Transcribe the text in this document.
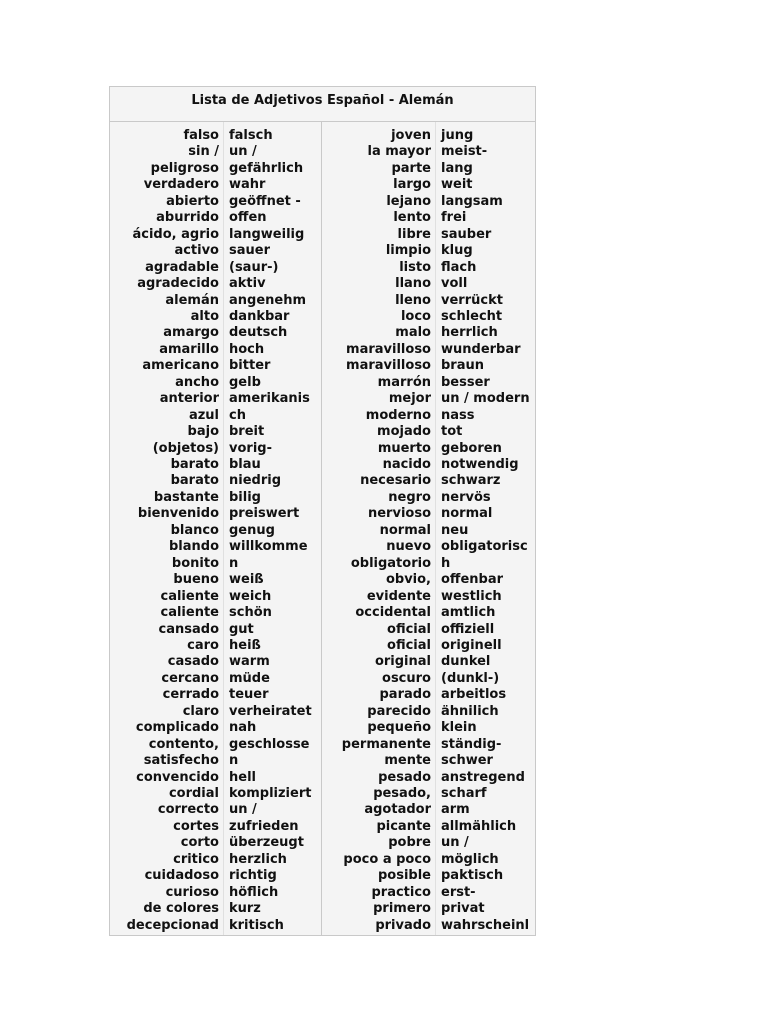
Lista de Adjetivos Español - Alemán
falso
sin /
peligroso
verdadero
abierto
aburrido
ácido, agrio
activo
agradable
agradecido
alemán
alto
amargo
amarillo
americano
ancho
anterior
azul
bajo
(objetos)
barato
barato
bastante
bienvenido
blanco
blando
bonito
bueno
caliente
caliente
cansado
caro
casado
cercano
cerrado
claro
complicado
contento,
satisfecho
convencido
cordial
correcto
cortes
corto
critico
cuidadoso
curioso
de colores
decepcionad
falsch
un /
gefährlich
wahr
geöffnet -
offen
langweilig
sauer
(saur-)
aktiv
angenehm
dankbar
deutsch
hoch
bitter
gelb
amerikanis
ch
breit
vorig-
blau
niedrig
bilig
preiswert
genug
willkomme
n
weiß
weich
schön
gut
heiß
warm
müde
teuer
verheiratet
nah
geschlosse
n
hell
kompliziert
un /
zufrieden
überzeugt
herzlich
richtig
höflich
kurz
kritisch
joven
la mayor
parte
largo
lejano
lento
libre
limpio
listo
llano
lleno
loco
malo
maravilloso
maravilloso
marrón
mejor
moderno
mojado
muerto
nacido
necesario
negro
nervioso
normal
nuevo
obligatorio
obvio,
evidente
occidental
oficial
oficial
original
oscuro
parado
parecido
pequeño
permanente
mente
pesado
pesado,
agotador
picante
pobre
poco a poco
posible
practico
primero
privado
jung
meist-
lang
weit
langsam
frei
sauber
klug
flach
voll
verrückt
schlecht
herrlich
wunderbar
braun
besser
un / modern
nass
tot
geboren
notwendig
schwarz
nervös
normal
neu
obligatorisc
h
offenbar
westlich
amtlich
offiziell
originell
dunkel
(dunkl-)
arbeitlos
ähnilich
klein
ständig-
schwer
anstregend
scharf
arm
allmählich
un /
möglich
paktisch
erst-
privat
wahrscheinl
